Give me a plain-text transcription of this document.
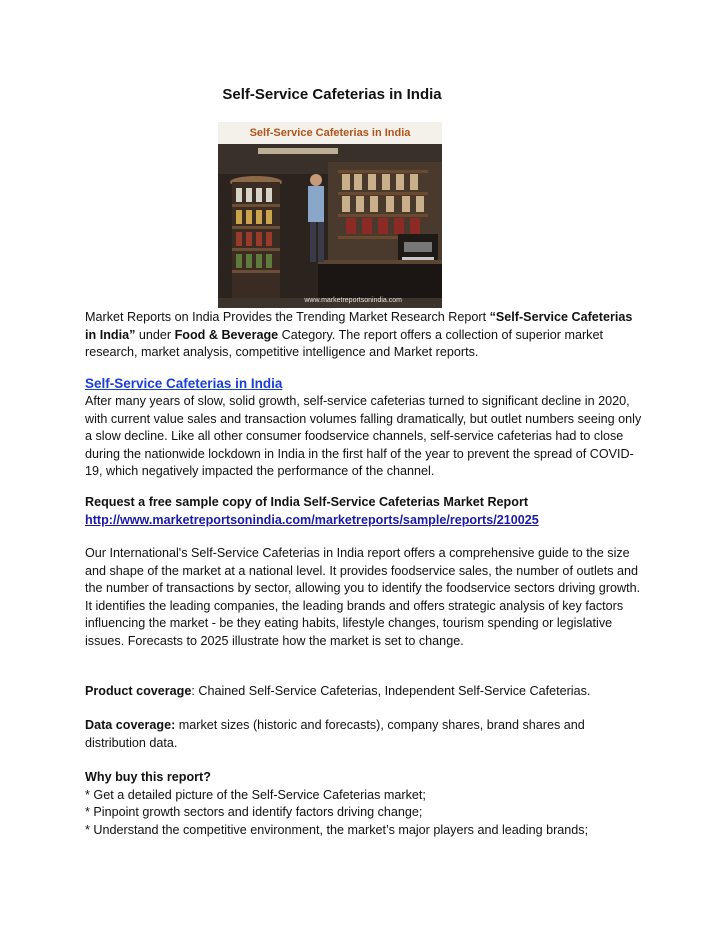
Self-Service Cafeterias in India
Self-Service Cafeterias in India
www.marketreportsonindia.com
Market Reports on India Provides the Trending Market Research Report “Self-Service Cafeterias in India” under Food & Beverage Category. The report offers a collection of superior market research, market analysis, competitive intelligence and Market reports.
Self-Service Cafeterias in India
After many years of slow, solid growth, self-service cafeterias turned to significant decline in 2020, with current value sales and transaction volumes falling dramatically, but outlet numbers seeing only a slow decline. Like all other consumer foodservice channels, self-service cafeterias had to close during the nationwide lockdown in India in the first half of the year to prevent the spread of COVID-19, which negatively impacted the performance of the channel.
Request a free sample copy of India Self-Service Cafeterias Market Report
http://www.marketreportsonindia.com/marketreports/sample/reports/210025
Our International's Self-Service Cafeterias in India report offers a comprehensive guide to the size and shape of the market at a national level. It provides foodservice sales, the number of outlets and the number of transactions by sector, allowing you to identify the foodservice sectors driving growth. It identifies the leading companies, the leading brands and offers strategic analysis of key factors influencing the market - be they eating habits, lifestyle changes, tourism spending or legislative issues. Forecasts to 2025 illustrate how the market is set to change.
Product coverage: Chained Self-Service Cafeterias, Independent Self-Service Cafeterias.
Data coverage: market sizes (historic and forecasts), company shares, brand shares and distribution data.
Why buy this report?
* Get a detailed picture of the Self-Service Cafeterias market;
* Pinpoint growth sectors and identify factors driving change;
* Understand the competitive environment, the market’s major players and leading brands;
